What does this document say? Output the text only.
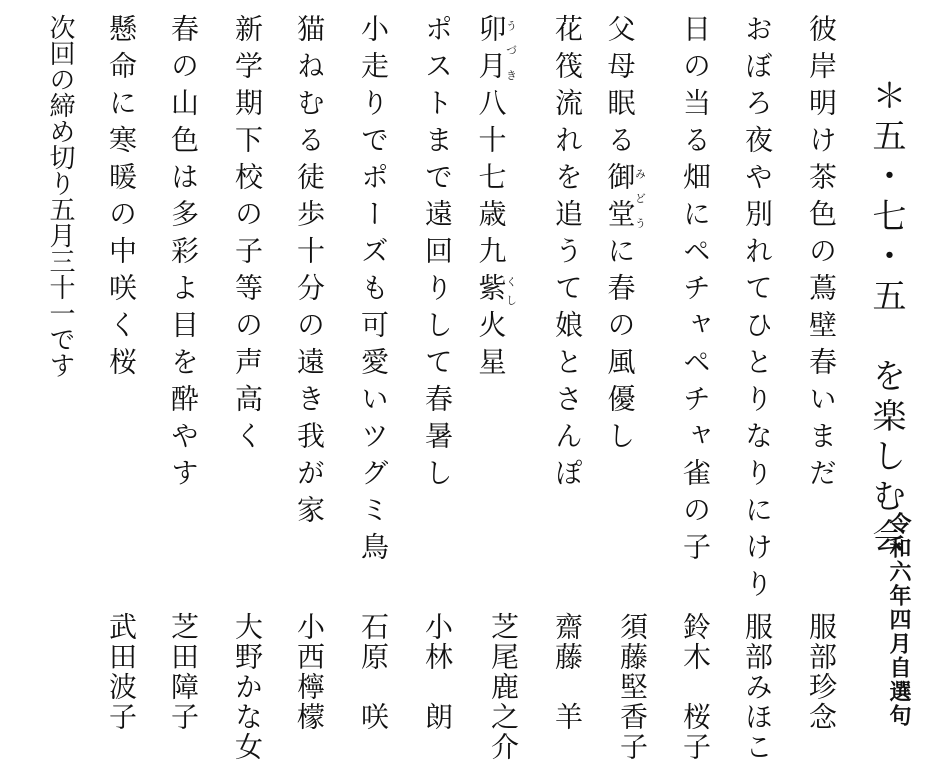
＊五・七・五　を楽しむ会
令和六年四月自選句
彼岸明け茶色の蔦壁春いまだ
服部珍念
おぼろ夜や別れてひとりなりにけり
服部みほこ
日の当る畑にペチャペチャ雀の子
鈴木　桜子
父母眠る御堂みどうに春の風優し
須藤堅香子
花筏流れを追うて娘とさんぽ
齋藤　羊
卯月うづき八十七歳九紫くし火星
芝尾鹿之介
ポストまで遠回りして春暑し
小林　朗
小走りでポーズも可愛いツグミ鳥
石原　咲
猫ねむる徒歩十分の遠き我が家
小西檸檬
新学期下校の子等の声高く
大野かな女
春の山色は多彩よ目を酔やす
芝田障子
懸命に寒暖の中咲く桜
武田波子
次回の締め切り五月三十一です
